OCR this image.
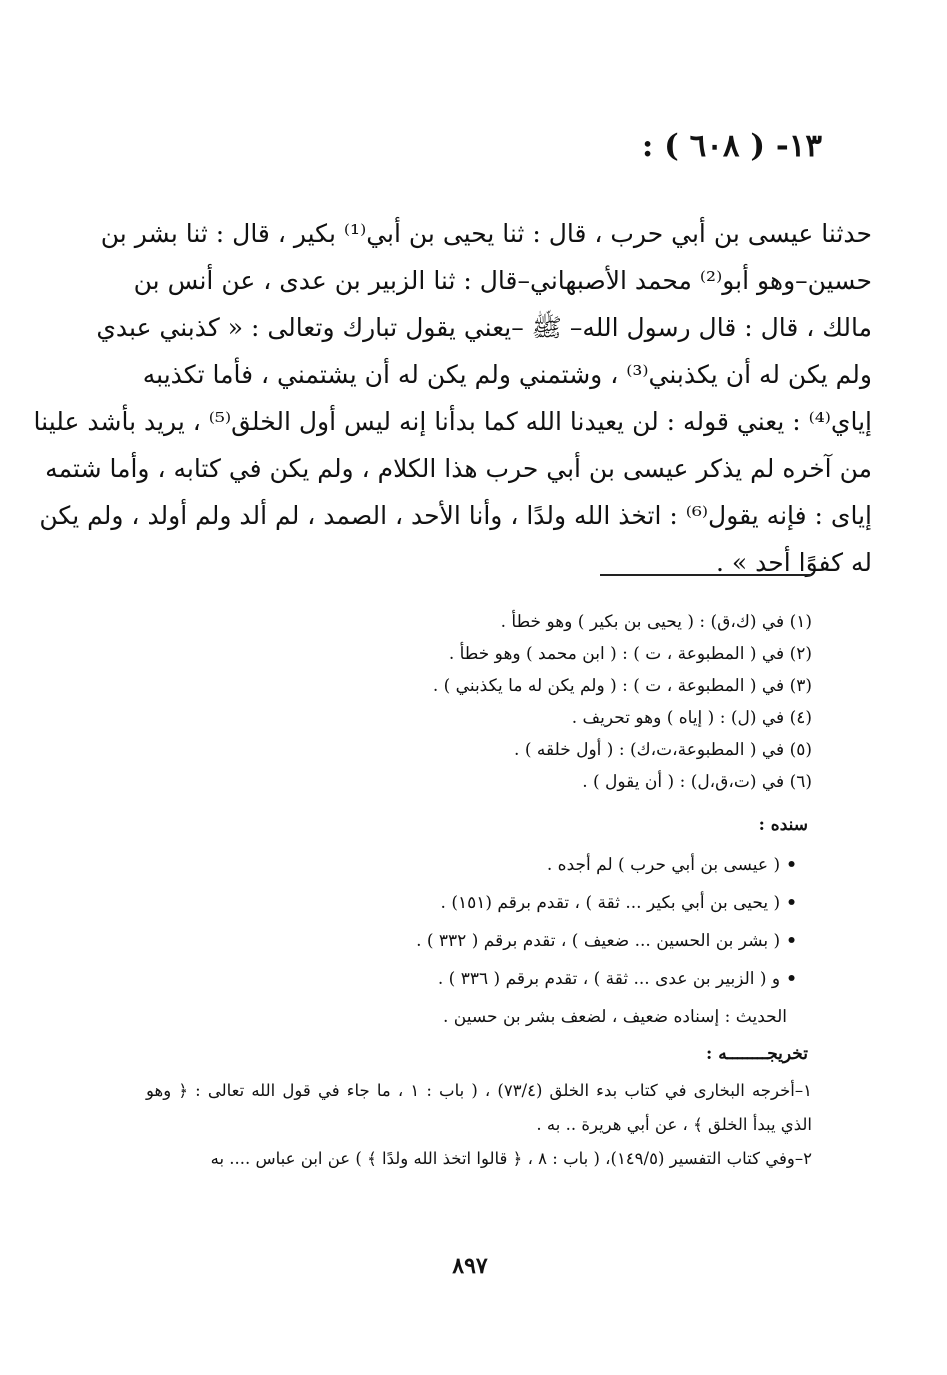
١٣- ( ٦٠٨ ) :
حدثنا عيسى بن أبي حرب ، قال : ثنا يحيى بن أبي⁽¹⁾ بكير ، قال : ثنا بشر بن
حسين–وهو أبو⁽²⁾ محمد الأصبهاني–قال : ثنا الزبير بن عدى ، عن أنس بن
مالك ، قال : قال رسول الله– ﷺ –يعني يقول تبارك وتعالى : « كذبني عبدي
ولم يكن له أن يكذبني⁽³⁾ ، وشتمني ولم يكن له أن يشتمني ، فأما تكذيبه
إياي⁽⁴⁾ : يعني قوله : لن يعيدنا الله كما بدأنا إنه ليس أول الخلق⁽⁵⁾ ، يريد بأشد علينا
من آخره لم يذكر عيسى بن أبي حرب هذا الكلام ، ولم يكن في كتابه ، وأما شتمه
إياى : فإنه يقول⁽⁶⁾ : اتخذ الله ولدًا ، وأنا الأحد ، الصمد ، لم ألد ولم أولد ، ولم يكن
له كفوًا أحد » .
(١) في (ك،ق) : ( يحيى بن بكير ) وهو خطأ .
(٢) في ( المطبوعة ، ت ) : ( ابن محمد ) وهو خطأ .
(٣) في ( المطبوعة ، ت ) : ( ولم يكن له ما يكذبني ) .
(٤) في (ل) : ( إياه ) وهو تحريف .
(٥) في ( المطبوعة،ت،ك) : ( أول خلقه ) .
(٦) في (ت،ق،ل) : ( أن يقول ) .
سنده :
•( عيسى بن أبي حرب ) لم أجده .
•( يحيى بن أبي بكير ... ثقة ) ، تقدم برقم (١٥١) .
•( بشر بن الحسين ... ضعيف ) ، تقدم برقم ( ٣٣٢ ) .
•و ( الزبير بن عدى ... ثقة ) ، تقدم برقم ( ٣٣٦ ) .
الحديث : إسناده ضعيف ، لضعف بشر بن حسين .
تخريجــــــــه :
١–أخرجه البخارى في كتاب بدء الخلق (٧٣/٤) ، ( باب : ١ ، ما جاء في قول الله تعالى : ﴿ وهو
الذي يبدأ الخلق ﴾ ، عن أبي هريرة .. به .
٢–وفي كتاب التفسير (١٤٩/٥)، ( باب : ٨ ، ﴿ قالوا اتخذ الله ولدًا ﴾ ) عن ابن عباس .... به
٨٩٧
